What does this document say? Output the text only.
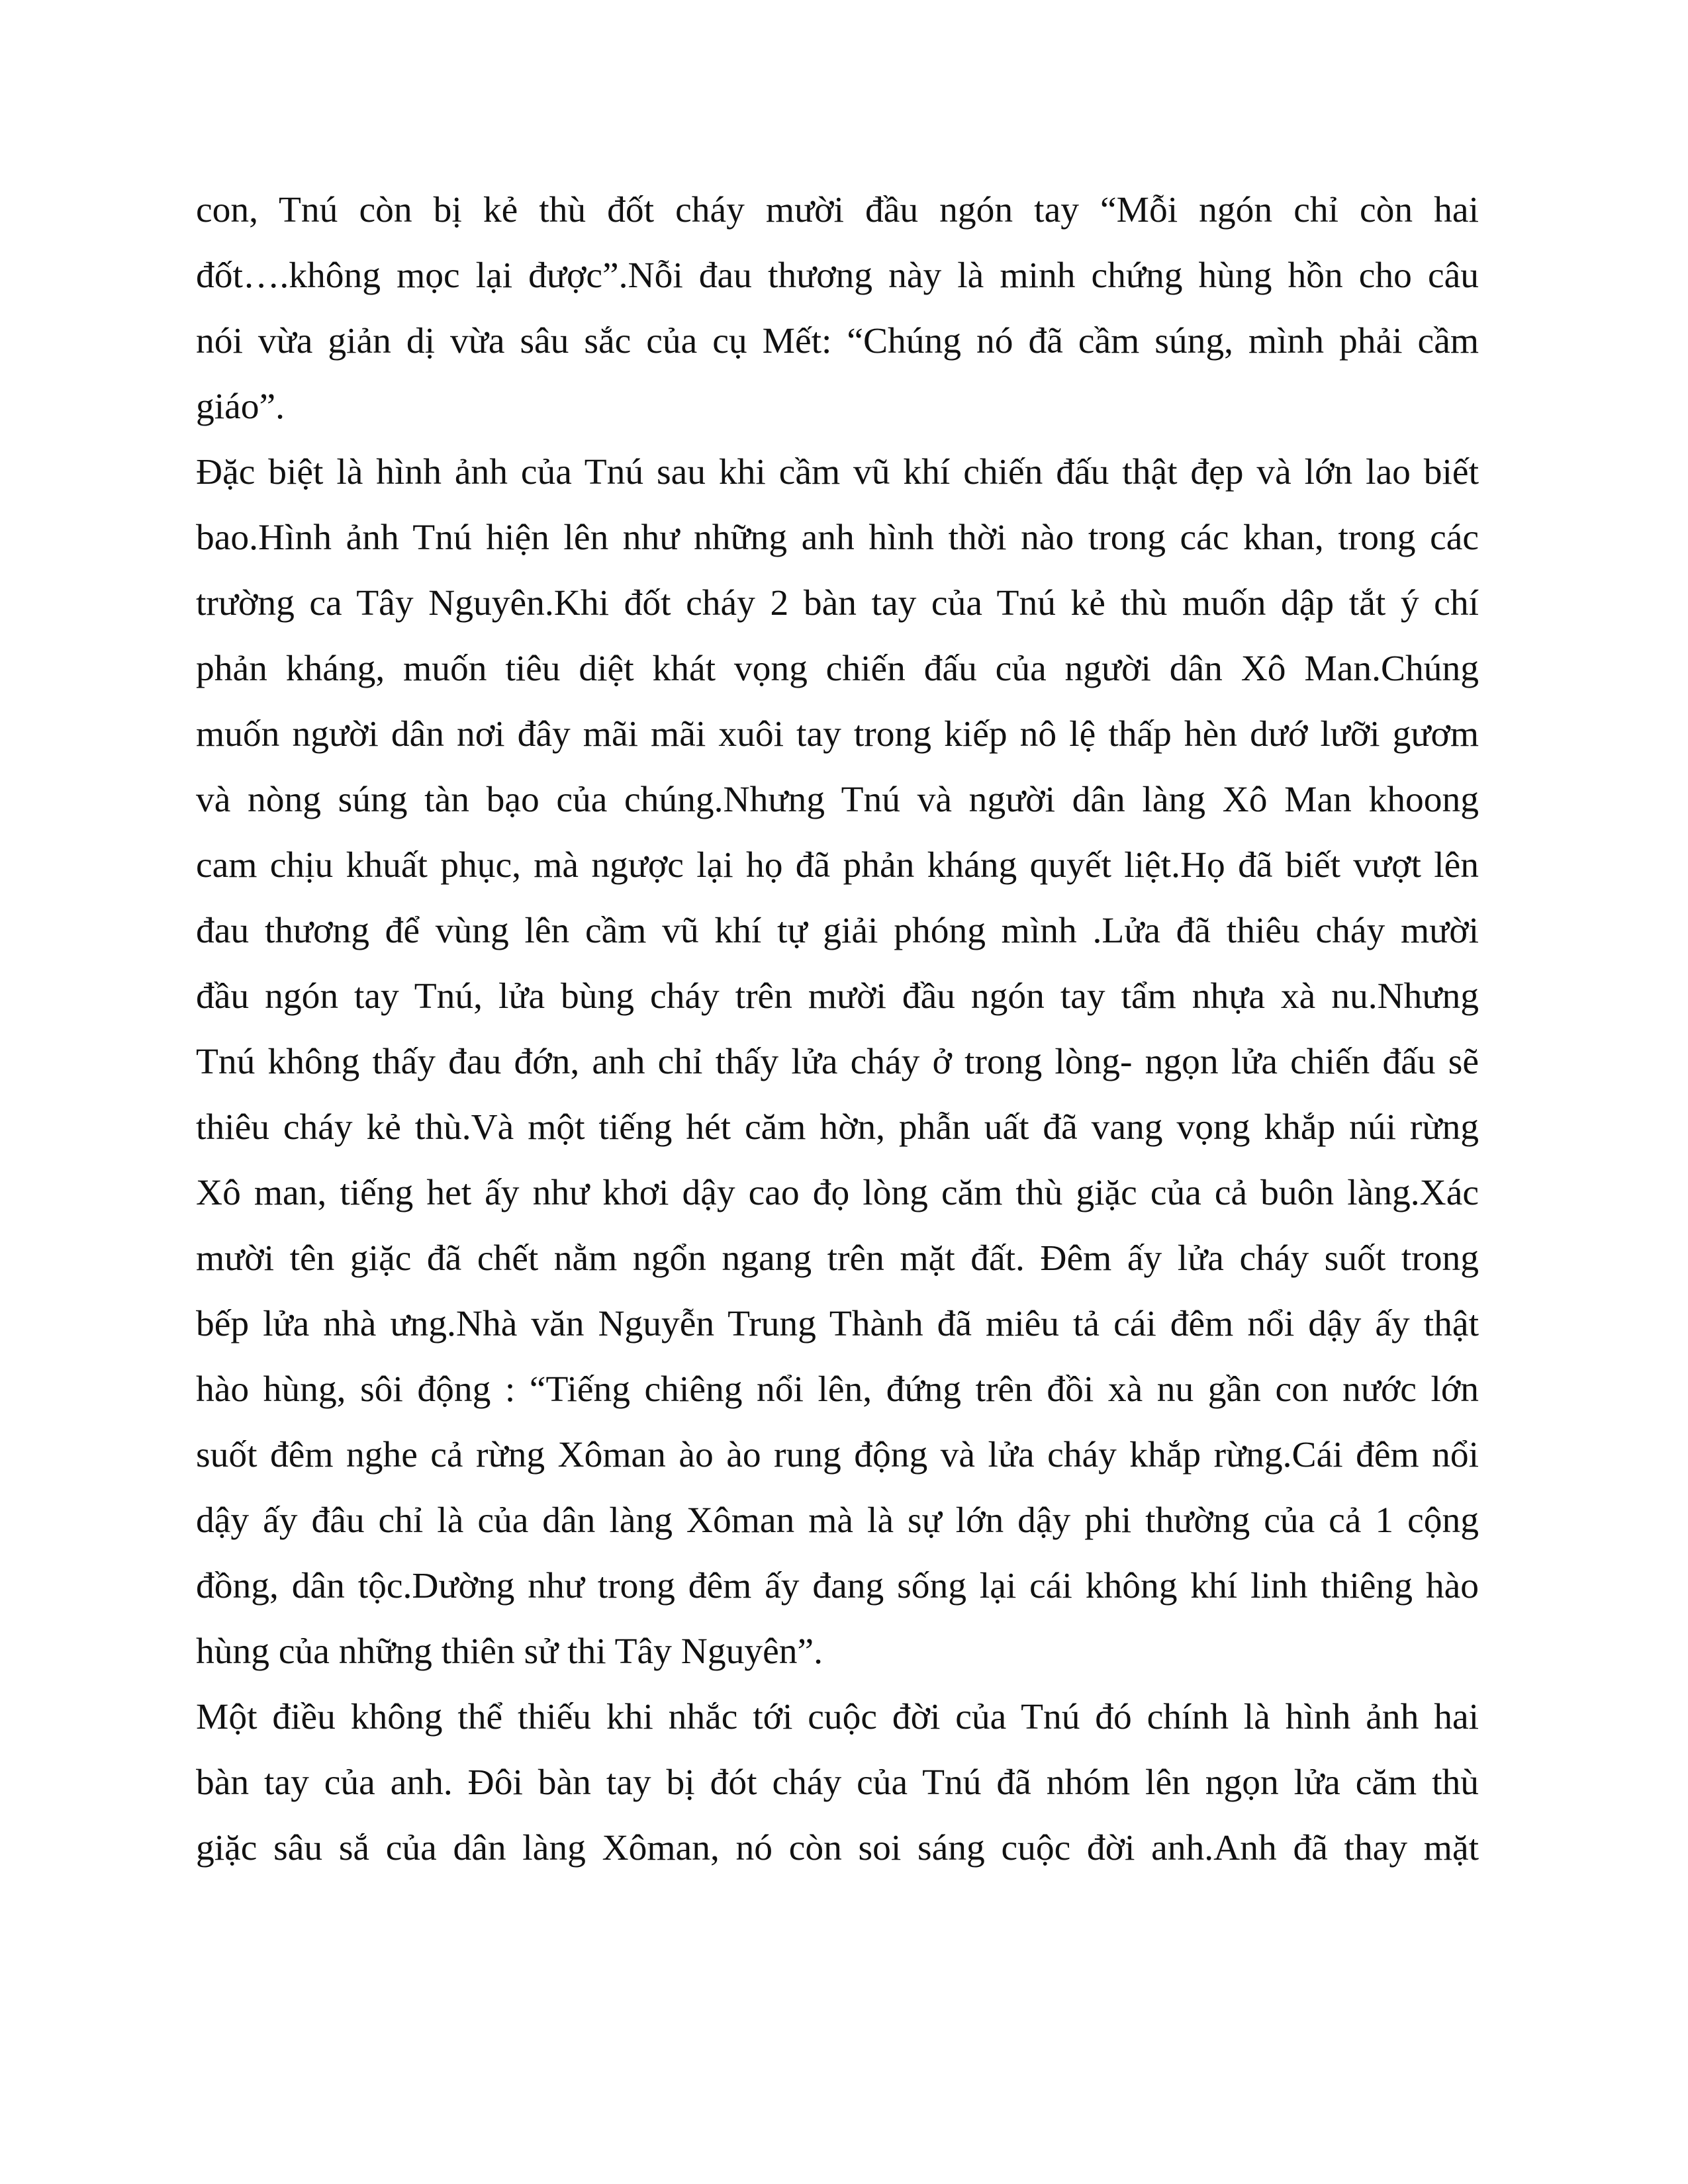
con, Tnú còn bị kẻ thù đốt cháy mười đầu ngón tay “Mỗi ngón chỉ còn hai
đốt….không mọc lại được”.Nỗi đau thương này là minh chứng hùng hồn cho câu
nói vừa giản dị vừa sâu sắc của cụ Mết: “Chúng nó đã cầm súng, mình phải cầm
giáo”.
Đặc biệt là hình ảnh của Tnú sau khi cầm vũ khí chiến đấu thật đẹp và lớn lao biết
bao.Hình ảnh Tnú hiện lên như những anh hình thời nào trong các khan, trong các
trường ca Tây Nguyên.Khi đốt cháy 2 bàn tay của Tnú kẻ thù muốn dập tắt ý chí
phản kháng, muốn tiêu diệt khát vọng chiến đấu của người dân Xô Man.Chúng
muốn người dân nơi đây mãi mãi xuôi tay trong kiếp nô lệ thấp hèn dướ lưỡi gươm
và nòng súng tàn bạo của chúng.Nhưng Tnú và người dân làng Xô Man khoong
cam chịu khuất phục, mà ngược lại họ đã phản kháng quyết liệt.Họ đã biết vượt lên
đau thương để vùng lên cầm vũ khí tự giải phóng mình .Lửa đã thiêu cháy mười
đầu ngón tay Tnú, lửa bùng cháy trên mười đầu ngón tay tẩm nhựa xà nu.Nhưng
Tnú không thấy đau đớn, anh chỉ thấy lửa cháy ở trong lòng- ngọn lửa chiến đấu sẽ
thiêu cháy kẻ thù.Và một tiếng hét căm hờn, phẫn uất đã vang vọng khắp núi rừng
Xô man, tiếng het ấy như khơi dậy cao đọ lòng căm thù giặc của cả buôn làng.Xác
mười tên giặc đã chết nằm ngổn ngang trên mặt đất. Đêm ấy lửa cháy suốt trong
bếp lửa nhà ưng.Nhà văn Nguyễn Trung Thành đã miêu tả cái đêm nổi dậy ấy thật
hào hùng, sôi động : “Tiếng chiêng nổi lên, đứng trên đồi xà nu gần con nước lớn
suốt đêm nghe cả rừng Xôman ào ào rung động và lửa cháy khắp rừng.Cái đêm nổi
dậy ấy đâu chỉ là của dân làng Xôman mà là sự lớn dậy phi thường của cả 1 cộng
đồng, dân tộc.Dường như trong đêm ấy đang sống lại cái không khí linh thiêng hào
hùng của những thiên sử thi Tây Nguyên”.
Một điều không thể thiếu khi nhắc tới cuộc đời của Tnú đó chính là hình ảnh hai
bàn tay của anh. Đôi bàn tay bị đót cháy của Tnú đã nhóm lên ngọn lửa căm thù
giặc sâu sắ của dân làng Xôman, nó còn soi sáng cuộc đời anh.Anh đã thay mặt
